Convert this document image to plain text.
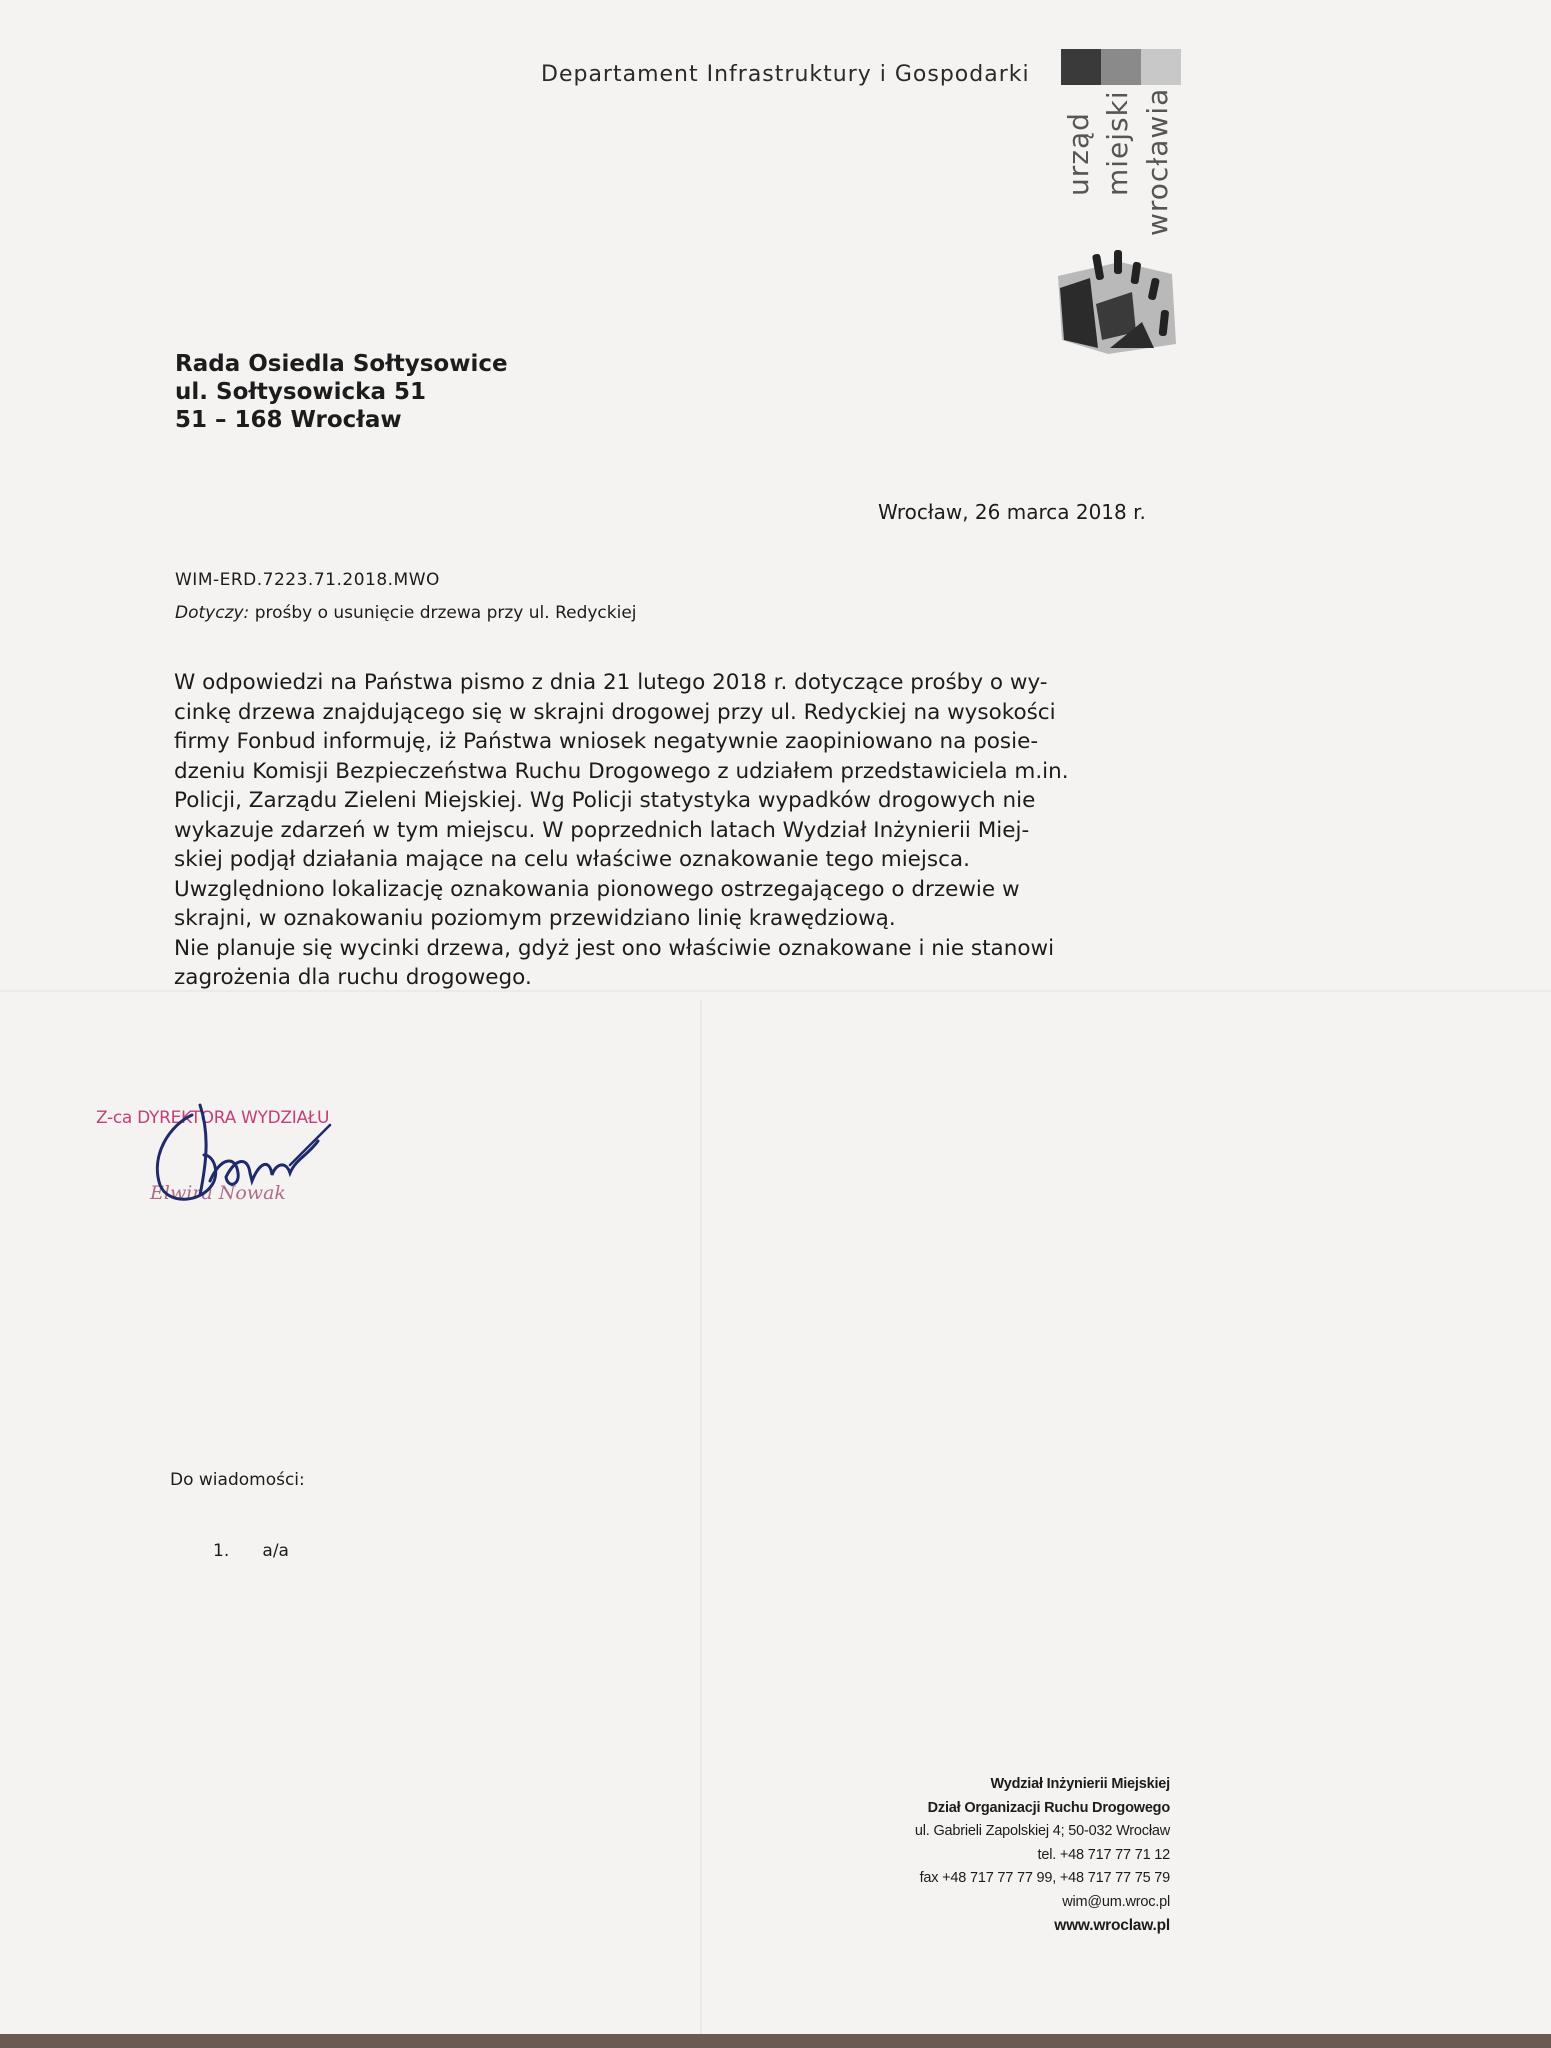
Departament Infrastruktury i Gospodarki
urząd miejski wrocławia
Rada Osiedla Sołtysowice
ul. Sołtysowicka 51
51 – 168 Wrocław
Wrocław, 26 marca 2018 r.
WIM-ERD.7223.71.2018.MWO
Dotyczy: prośby o usunięcie drzewa przy ul. Redyckiej

W odpowiedzi na Państwa pismo z dnia 21 lutego 2018 r. dotyczące prośby o wy-

cinkę drzewa znajdującego się w skrajni drogowej przy ul. Redyckiej na wysokości

firmy Fonbud informuję, iż Państwa wniosek negatywnie zaopiniowano na posie-

dzeniu Komisji Bezpieczeństwa Ruchu Drogowego z udziałem przedstawiciela m.in.

Policji, Zarządu Zieleni Miejskiej. Wg Policji statystyka wypadków drogowych nie

wykazuje zdarzeń w tym miejscu. W poprzednich latach Wydział Inżynierii Miej-

skiej podjął działania mające na celu właściwe oznakowanie tego miejsca.

Uwzględniono lokalizację oznakowania pionowego ostrzegającego o drzewie w

skrajni, w oznakowaniu poziomym przewidziano linię krawędziową.

Nie planuje się wycinki drzewa, gdyż jest ono właściwie oznakowane i nie stanowi

zagrożenia dla ruchu drogowego.

Z-ca DYREKTORA WYDZIAŁU
Elwira Nowak
Do wiadomości:
1. a/a
Wydział Inżynierii Miejskiej
Dział Organizacji Ruchu Drogowego
ul. Gabrieli Zapolskiej 4; 50-032 Wrocław
tel. +48 717 77 71 12
fax +48 717 77 77 99, +48 717 77 75 79
wim@um.wroc.pl
www.wroclaw.pl
